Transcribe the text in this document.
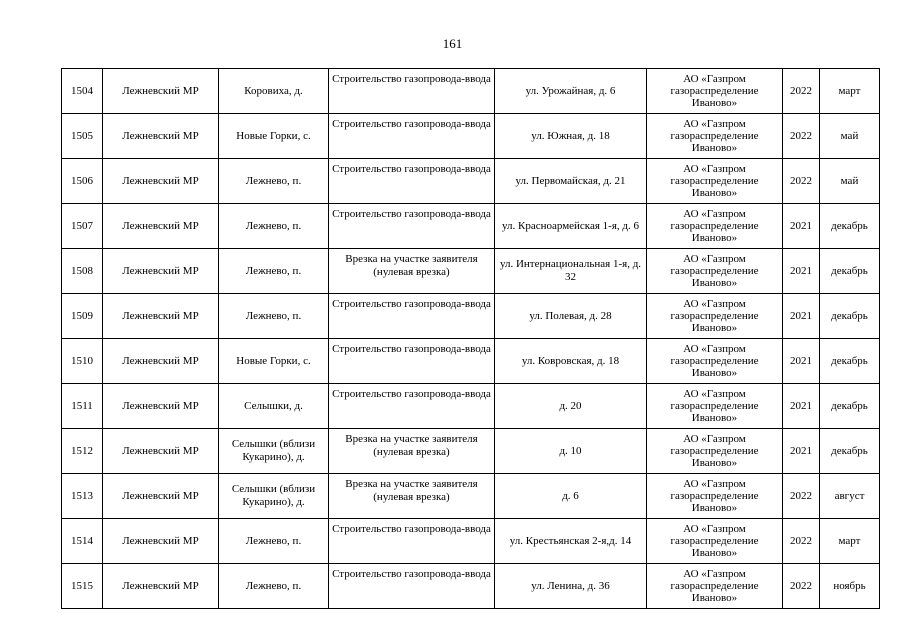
161
1504	Лежневский МР	Коровиха, д.	Строительство газопровода-ввода	ул. Урожайная, д. 6	АО «Газпром газораспределение Иваново»	2022	март
1505	Лежневский МР	Новые Горки, с.	Строительство газопровода-ввода	ул. Южная, д. 18	АО «Газпром газораспределение Иваново»	2022	май
1506	Лежневский МР	Лежнево, п.	Строительство газопровода-ввода	ул. Первомайская, д. 21	АО «Газпром газораспределение Иваново»	2022	май
1507	Лежневский МР	Лежнево, п.	Строительство газопровода-ввода	ул. Красноармейская 1-я, д. 6	АО «Газпром газораспределение Иваново»	2021	декабрь
1508	Лежневский МР	Лежнево, п.	Врезка на участке заявителя (нулевая врезка)	ул. Интернациональная 1-я, д. 32	АО «Газпром газораспределение Иваново»	2021	декабрь
1509	Лежневский МР	Лежнево, п.	Строительство газопровода-ввода	ул. Полевая, д. 28	АО «Газпром газораспределение Иваново»	2021	декабрь
1510	Лежневский МР	Новые Горки, с.	Строительство газопровода-ввода	ул. Ковровская, д. 18	АО «Газпром газораспределение Иваново»	2021	декабрь
1511	Лежневский МР	Селышки, д.	Строительство газопровода-ввода	д. 20	АО «Газпром газораспределение Иваново»	2021	декабрь
1512	Лежневский МР	Селышки (вблизи Кукарино), д.	Врезка на участке заявителя (нулевая врезка)	д. 10	АО «Газпром газораспределение Иваново»	2021	декабрь
1513	Лежневский МР	Селышки (вблизи Кукарино), д.	Врезка на участке заявителя (нулевая врезка)	д. 6	АО «Газпром газораспределение Иваново»	2022	август
1514	Лежневский МР	Лежнево, п.	Строительство газопровода-ввода	ул. Крестьянская 2-я,д. 14	АО «Газпром газораспределение Иваново»	2022	март
1515	Лежневский МР	Лежнево, п.	Строительство газопровода-ввода	ул. Ленина, д. 36	АО «Газпром газораспределение Иваново»	2022	ноябрь
